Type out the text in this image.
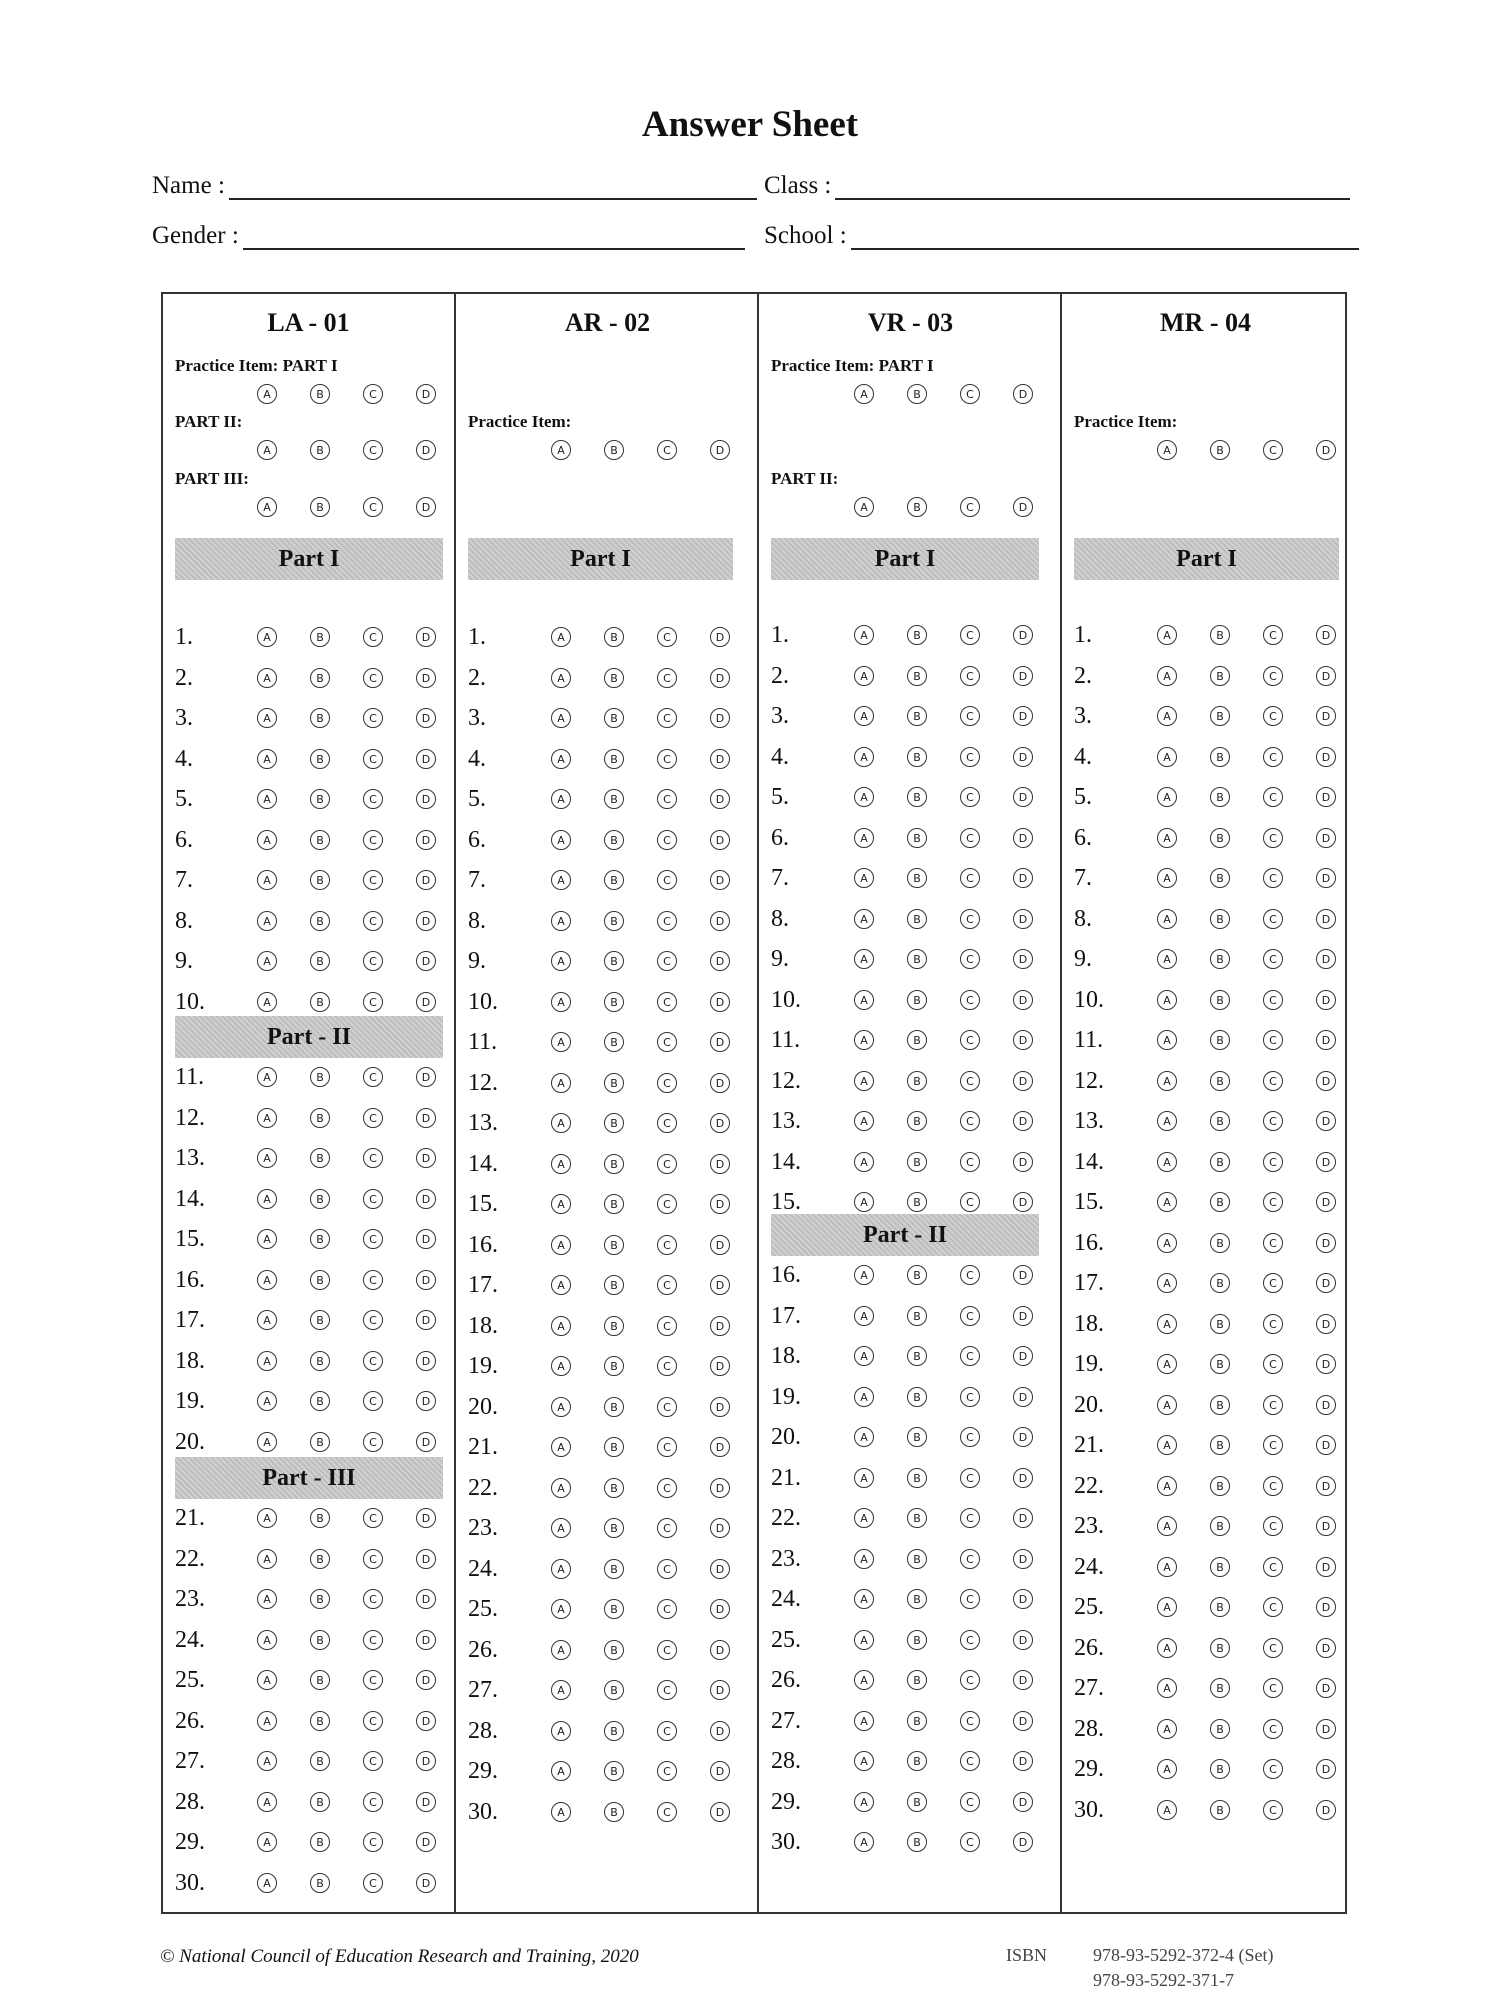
Answer Sheet
Name :	Class :
Gender :	School :
LA - 01
Practice Item: PART I
A	B	C	D
PART II:
A	B	C	D
PART III:
A	B	C	D
Part I
Part - II
Part - III
1.	A	B	C	D
2.	A	B	C	D
3.	A	B	C	D
4.	A	B	C	D
5.	A	B	C	D
6.	A	B	C	D
7.	A	B	C	D
8.	A	B	C	D
9.	A	B	C	D
10.	A	B	C	D
11.	A	B	C	D
12.	A	B	C	D
13.	A	B	C	D
14.	A	B	C	D
15.	A	B	C	D
16.	A	B	C	D
17.	A	B	C	D
18.	A	B	C	D
19.	A	B	C	D
20.	A	B	C	D
21.	A	B	C	D
22.	A	B	C	D
23.	A	B	C	D
24.	A	B	C	D
25.	A	B	C	D
26.	A	B	C	D
27.	A	B	C	D
28.	A	B	C	D
29.	A	B	C	D
30.	A	B	C	D
AR - 02
Practice Item:
A	B	C	D
Part I
1.	A	B	C	D
2.	A	B	C	D
3.	A	B	C	D
4.	A	B	C	D
5.	A	B	C	D
6.	A	B	C	D
7.	A	B	C	D
8.	A	B	C	D
9.	A	B	C	D
10.	A	B	C	D
11.	A	B	C	D
12.	A	B	C	D
13.	A	B	C	D
14.	A	B	C	D
15.	A	B	C	D
16.	A	B	C	D
17.	A	B	C	D
18.	A	B	C	D
19.	A	B	C	D
20.	A	B	C	D
21.	A	B	C	D
22.	A	B	C	D
23.	A	B	C	D
24.	A	B	C	D
25.	A	B	C	D
26.	A	B	C	D
27.	A	B	C	D
28.	A	B	C	D
29.	A	B	C	D
30.	A	B	C	D
VR - 03
Practice Item: PART I
A	B	C	D
PART II:
A	B	C	D
Part I
Part - II
1.	A	B	C	D
2.	A	B	C	D
3.	A	B	C	D
4.	A	B	C	D
5.	A	B	C	D
6.	A	B	C	D
7.	A	B	C	D
8.	A	B	C	D
9.	A	B	C	D
10.	A	B	C	D
11.	A	B	C	D
12.	A	B	C	D
13.	A	B	C	D
14.	A	B	C	D
15.	A	B	C	D
16.	A	B	C	D
17.	A	B	C	D
18.	A	B	C	D
19.	A	B	C	D
20.	A	B	C	D
21.	A	B	C	D
22.	A	B	C	D
23.	A	B	C	D
24.	A	B	C	D
25.	A	B	C	D
26.	A	B	C	D
27.	A	B	C	D
28.	A	B	C	D
29.	A	B	C	D
30.	A	B	C	D
MR - 04
Practice Item:
A	B	C	D
Part I
1.	A	B	C	D
2.	A	B	C	D
3.	A	B	C	D
4.	A	B	C	D
5.	A	B	C	D
6.	A	B	C	D
7.	A	B	C	D
8.	A	B	C	D
9.	A	B	C	D
10.	A	B	C	D
11.	A	B	C	D
12.	A	B	C	D
13.	A	B	C	D
14.	A	B	C	D
15.	A	B	C	D
16.	A	B	C	D
17.	A	B	C	D
18.	A	B	C	D
19.	A	B	C	D
20.	A	B	C	D
21.	A	B	C	D
22.	A	B	C	D
23.	A	B	C	D
24.	A	B	C	D
25.	A	B	C	D
26.	A	B	C	D
27.	A	B	C	D
28.	A	B	C	D
29.	A	B	C	D
30.	A	B	C	D
© National Council of Education Research and Training, 2020	ISBN	978-93-5292-372-4 (Set)
978-93-5292-371-7
